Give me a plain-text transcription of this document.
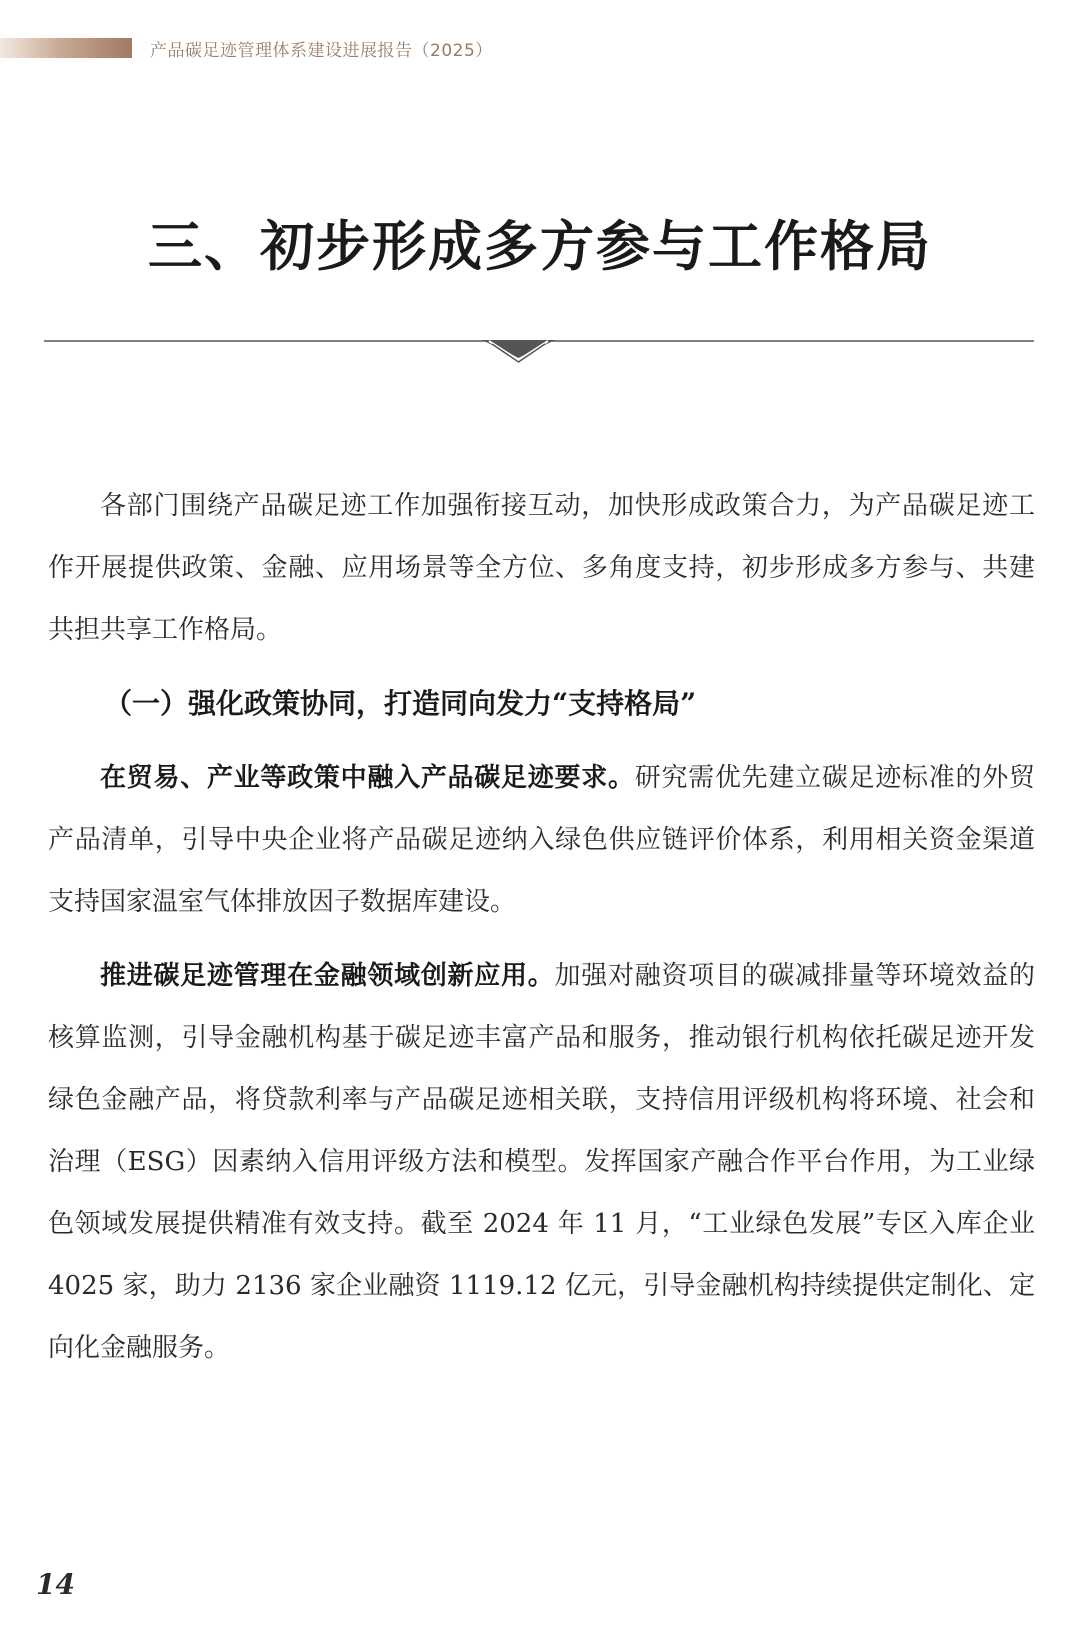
产品碳足迹管理体系建设进展报告（2025）
三、初步形成多方参与工作格局

各部门围绕产品碳足迹工作加强衔接互动，加快形成政策合力，为产品碳足迹工作开展提供政策、金融、应用场景等全方位、多角度支持，初步形成多方参与、共建共担共享工作格局。

（一）强化政策协同，打造同向发力“支持格局”

在贸易、产业等政策中融入产品碳足迹要求。研究需优先建立碳足迹标准的外贸产品清单，引导中央企业将产品碳足迹纳入绿色供应链评价体系，利用相关资金渠道支持国家温室气体排放因子数据库建设。

推进碳足迹管理在金融领域创新应用。加强对融资项目的碳减排量等环境效益的核算监测，引导金融机构基于碳足迹丰富产品和服务，推动银行机构依托碳足迹开发绿色金融产品，将贷款利率与产品碳足迹相关联，支持信用评级机构将环境、社会和治理（ESG）因素纳入信用评级方法和模型。发挥国家产融合作平台作用，为工业绿色领域发展提供精准有效支持。截至 2024 年 11 月，“工业绿色发展”专区入库企业 4025 家，助力 2136 家企业融资 1119.12 亿元，引导金融机构持续提供定制化、定向化金融服务。

14
